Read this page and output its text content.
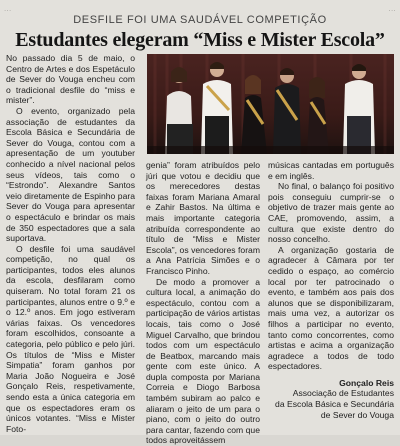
...	...
DESFILE FOI UMA SAUDÁVEL COMPETIÇÃO
Estudantes elegeram “Miss e Mister Escola”

No passado dia 5 de maio, o Centro de Artes e dos Espetáculo de Sever do Vouga encheu com o tradicional desfile do “miss e mister”.

O evento, organizado pela associação de estudantes da Escola Básica e Secundária de Sever do Vouga, contou com a apresentação de um youtuber conhecido a nível nacional pelos seus vídeos, tais como o “Estrondo”. Alexandre Santos veio diretamente de Espinho para Sever do Vouga para apresentar o espectáculo e brindar os mais de 350 espectadores que a sala suportava.

O desfile foi uma saudável competição, no qual os participantes, todos eles alunos da escola, desfilaram como quiseram. No total foram 21 os participantes, alunos entre o 9.º e o 12.º anos. Em jogo estiveram várias faixas. Os vencedores foram escolhidos, consoante a categoria, pelo público e pelo júri. Os títulos de “Miss e Mister Simpatia” foram ganhos por Maria João Nogueira e José Gonçalo Reis, respetivamente, sendo esta a única categoria em que os espectadores eram os únicos votantes. “Miss e Mister Foto-

genia” foram atribuídos pelo júri que votou e decidiu que os merecedores destas faixas foram Mariana Amaral e Zahir Bastos. Na última e mais importante categoria atribuída correspondente ao título de “Miss e Mister Escola”, os vencedores foram a Ana Patrícia Simões e o Francisco Pinho.

De modo a promover a cultura local, a animação do espectáculo, contou com a participação de vários artistas locais, tais como o José Miguel Carvalho, que brindou todos com um espectáculo de Beatbox, marcando mais gente com este único. A dupla composta por Mariana Correia e Diogo Barbosa também subiram ao palco e aliaram o jeito de um para o piano, com o jeito do outro para cantar, fazendo com que todos aproveitássem

músicas cantadas em português e em inglês.

No final, o balanço foi positivo pois conseguiu cumprir-se o objetivo de trazer mais gente ao CAE, promovendo, assim, a cultura que existe dentro do nosso concelho.

A organização gostaria de agradecer à Câmara por ter cedido o espaço, ao comércio local por ter patrocinado o evento, e também aos pais dos alunos que se disponibilizaram, mais uma vez, a autorizar os filhos a participar no evento, tanto como concorrentes, como artistas e acima a organização agradece a todos de todo espectadores.

Gonçalo Reis
Associação de Estudantes
da Escola Básica e Secundária
de Sever do Vouga
